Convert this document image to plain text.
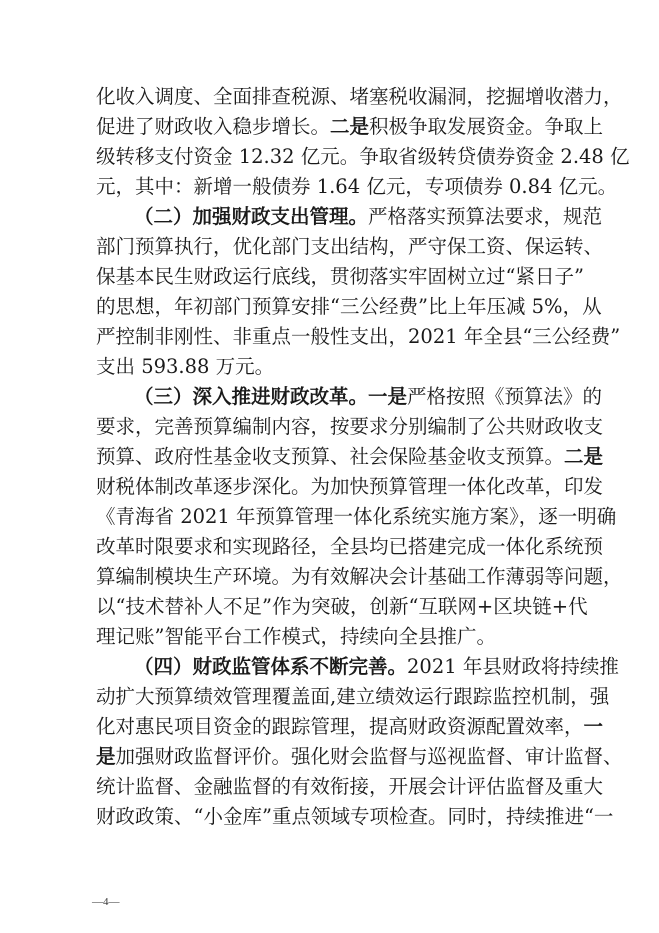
化收入调度、全面排查税源、堵塞税收漏洞，挖掘增收潜力，
促进了财政收入稳步增长。二是积极争取发展资金。争取上
级转移支付资金 12.32 亿元。争取省级转贷债券资金 2.48 亿
元，其中：新增一般债券 1.64 亿元，专项债券 0.84 亿元。
（二）加强财政支出管理。严格落实预算法要求，规范
部门预算执行，优化部门支出结构，严守保工资、保运转、
保基本民生财政运行底线，贯彻落实牢固树立过“紧日子”
的思想，年初部门预算安排“三公经费”比上年压减 5%，从
严控制非刚性、非重点一般性支出，2021 年全县“三公经费”
支出 593.88 万元。
（三）深入推进财政改革。一是严格按照《预算法》的
要求，完善预算编制内容，按要求分别编制了公共财政收支
预算、政府性基金收支预算、社会保险基金收支预算。二是
财税体制改革逐步深化。为加快预算管理一体化改革，印发
《青海省 2021 年预算管理一体化系统实施方案》，逐一明确
改革时限要求和实现路径，全县均已搭建完成一体化系统预
算编制模块生产环境。为有效解决会计基础工作薄弱等问题，
以“技术替补人不足”作为突破，创新“互联网+区块链+代
理记账”智能平台工作模式，持续向全县推广。
（四）财政监管体系不断完善。2021 年县财政将持续推
动扩大预算绩效管理覆盖面,建立绩效运行跟踪监控机制，强
化对惠民项目资金的跟踪管理，提高财政资源配置效率，一
是加强财政监督评价。强化财会监督与巡视监督、审计监督、
统计监督、金融监督的有效衔接，开展会计评估监督及重大
财政政策、“小金库”重点领域专项检查。同时，持续推进“一
—4—
